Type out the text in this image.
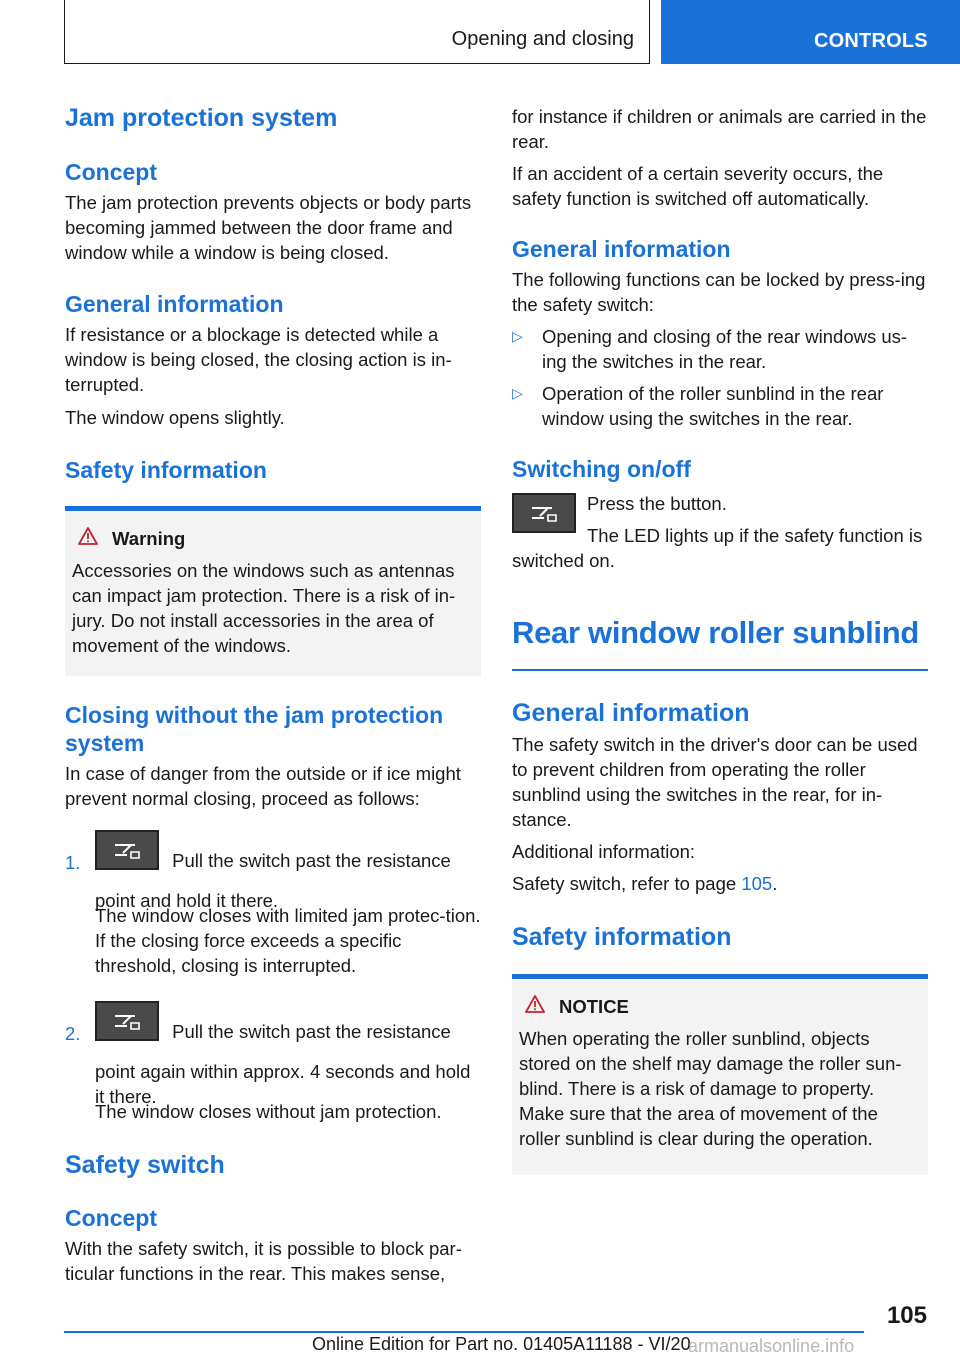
Opening and closing	CONTROLS
Jam protection system
Concept
The jam protection prevents objects or body parts becoming jammed between the door frame and window while a window is being closed.
General information
If resistance or a blockage is detected while a window is being closed, the closing action is in‐terrupted.
The window opens slightly.
Safety information
Warning
Accessories on the windows such as antennas can impact jam protection. There is a risk of in‐jury. Do not install accessories in the area of movement of the windows.
Closing without the jam protection system
In case of danger from the outside or if ice might prevent normal closing, proceed as follows:
1.	Pull the switch past the resistance point and hold it there.
The window closes with limited jam protec‐tion. If the closing force exceeds a specific threshold, closing is interrupted.
2.	Pull the switch past the resistance point again within approx. 4 seconds and hold it there.
The window closes without jam protection.
Safety switch
Concept
With the safety switch, it is possible to block par‐ticular functions in the rear. This makes sense,
for instance if children or animals are carried in the rear.
If an accident of a certain severity occurs, the safety function is switched off automatically.
General information
The following functions can be locked by press‐ing the safety switch:
▷	Opening and closing of the rear windows us‐ing the switches in the rear.
▷	Operation of the roller sunblind in the rear window using the switches in the rear.
Switching on/off
Press the button.
The LED lights up if the safety function is switched on.
Rear window roller sunblind
General information
The safety switch in the driver's door can be used to prevent children from operating the roller sunblind using the switches in the rear, for in‐stance.
Additional information:
Safety switch, refer to page 105.
Safety information
NOTICE
When operating the roller sunblind, objects stored on the shelf may damage the roller sun‐blind. There is a risk of damage to property. Make sure that the area of movement of the roller sunblind is clear during the operation.
105
Online Edition for Part no. 01405A11188 - VI/20
armanualsonline.info
